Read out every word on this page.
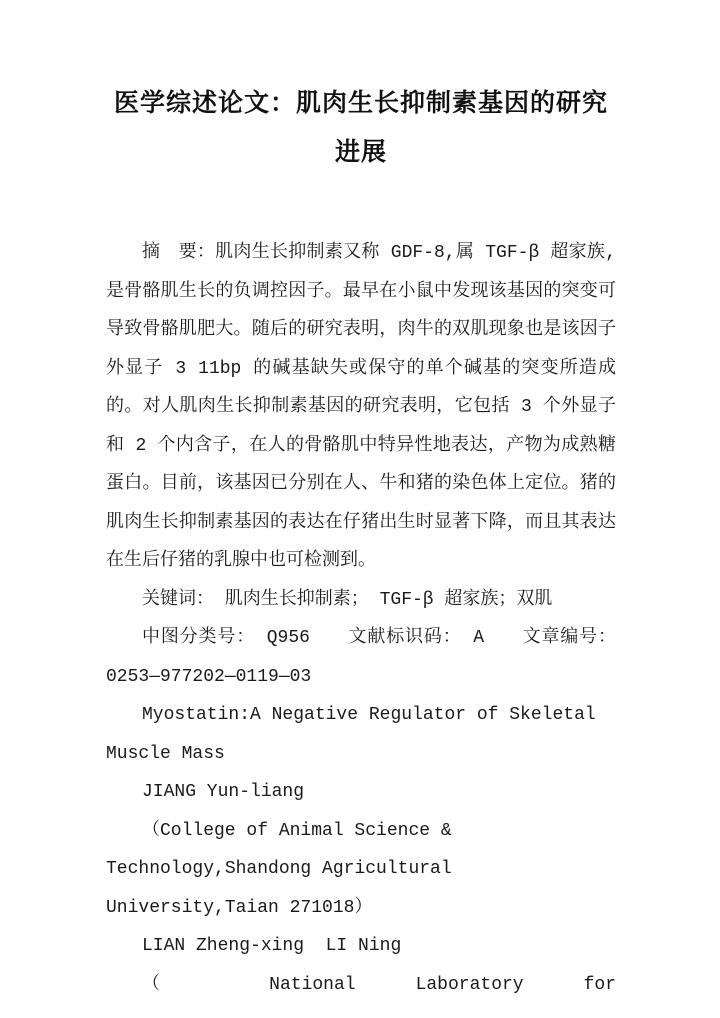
医学综述论文：肌肉生长抑制素基因的研究
进展

摘　要：肌肉生长抑制素又称 GDF-8,属 TGF-β 超家族,是骨骼肌生长的负调控因子。最早在小鼠中发现该基因的突变可导致骨骼肌肥大。随后的研究表明，肉牛的双肌现象也是该因子外显子 3 11bp 的碱基缺失或保守的单个碱基的突变所造成的。对人肌肉生长抑制素基因的研究表明，它包括 3 个外显子和 2 个内含子，在人的骨骼肌中特异性地表达，产物为成熟糖蛋白。目前，该基因已分别在人、牛和猪的染色体上定位。猪的肌肉生长抑制素基因的表达在仔猪出生时显著下降，而且其表达在生后仔猪的乳腺中也可检测到。

关键词： 肌肉生长抑制素； TGF-β 超家族；双肌

中图分类号： Q956　　文献标识码： A　　文章编号：0253—977202—0119—03

Myostatin:A Negative Regulator of Skeletal Muscle Mass

JIANG Yun-liang

（College of Animal Science & Technology,Shandong Agricultural University,Taian 271018）

LIAN Zheng-xing  LI Ning

（ National Laboratory for
